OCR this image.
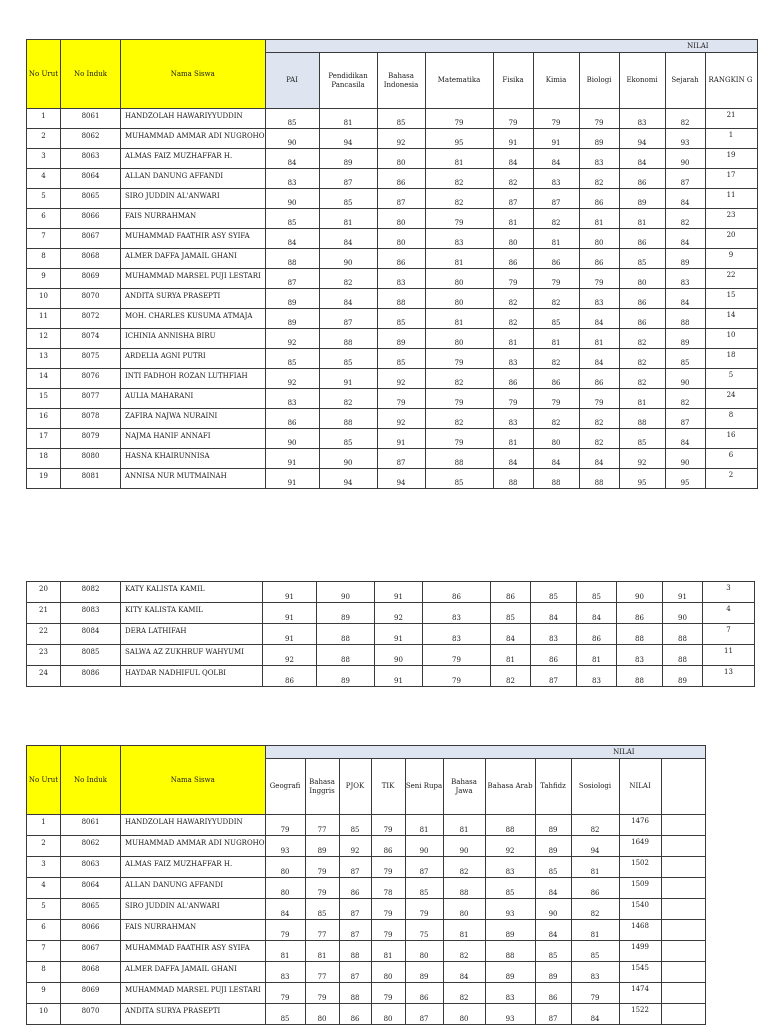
No Urut	No Induk	Nama Siswa	NILAI									
			PAI	Pendidikan Pancasila	Bahasa Indonesia	Matematika	Fisika	Kimia	Biologi	Ekonomi	Sejarah	RANGKIN G
1	8061	HANDZOLAH HAWARIYYUDDIN	85	81	85	79	79	79	79	83	82	21
2	8062	MUHAMMAD AMMAR ADI NUGROHO	90	94	92	95	91	91	89	94	93	1
3	8063	ALMAS FAIZ MUZHAFFAR H.	84	89	80	81	84	84	83	84	90	19
4	8064	ALLAN DANUNG AFFANDI	83	87	86	82	82	83	82	86	87	17
5	8065	SIRO JUDDIN AL'ANWARI	90	85	87	82	87	87	86	89	84	11
6	8066	FAIS NURRAHMAN	85	81	80	79	81	82	81	81	82	23
7	8067	MUHAMMAD FAATHIR ASY SYIFA	84	84	80	83	80	81	80	86	84	20
8	8068	ALMER DAFFA JAMAIL GHANI	88	90	86	81	86	86	86	85	89	9
9	8069	MUHAMMAD MARSEL PUJI LESTARI	87	82	83	80	79	79	79	80	83	22
10	8070	ANDITA SURYA PRASEPTI	89	84	88	80	82	82	83	86	84	15
11	8072	MOH. CHARLES KUSUMA ATMAJA	89	87	85	81	82	85	84	86	88	14
12	8074	ICHINIA ANNISHA BIRU	92	88	89	80	81	81	81	82	89	10
13	8075	ARDELIA AGNI PUTRI	85	85	85	79	83	82	84	82	85	18
14	8076	INTI FADHOH ROZAN LUTHFIAH	92	91	92	82	86	86	86	82	90	5
15	8077	AULIA MAHARANI	83	82	79	79	79	79	79	81	82	24
16	8078	ZAFIRA NAJWA NURAINI	86	88	92	82	83	82	82	88	87	8
17	8079	NAJMA HANIF ANNAFI	90	85	91	79	81	80	82	85	84	16
18	8080	HASNA KHAIRUNNISA	91	90	87	88	84	84	84	92	90	6
19	8081	ANNISA NUR MUTMAINAH	91	94	94	85	88	88	88	95	95	2
20	8082	KATY KALISTA KAMIL	91	90	91	86	86	85	85	90	91	3
21	8083	KITY KALISTA KAMIL	91	89	92	83	85	84	84	86	90	4
22	8084	DERA LATHIFAH	91	88	91	83	84	83	86	88	88	7
23	8085	SALWA AZ ZUKHRUF WAHYUMI	92	88	90	79	81	86	81	83	88	11
24	8086	HAYDAR NADHIFUL QOLBI	86	89	91	79	82	87	83	88	89	13
No Urut	No Induk	Nama Siswa	NILAI										
			Geografi	Bahasa Inggris	PJOK	TIK	Seni Rupa	Bahasa Jawa	Bahasa Arab	Tahfidz	Sosiologi	NILAI	
1	8061	HANDZOLAH HAWARIYYUDDIN	79	77	85	79	81	81	88	89	82	1476	
2	8062	MUHAMMAD AMMAR ADI NUGROHO	93	89	92	86	90	90	92	89	94	1649	
3	8063	ALMAS FAIZ MUZHAFFAR H.	80	79	87	79	87	82	83	85	81	1502	
4	8064	ALLAN DANUNG AFFANDI	80	79	86	78	85	88	85	84	86	1509	
5	8065	SIRO JUDDIN AL'ANWARI	84	85	87	79	79	80	93	90	82	1540	
6	8066	FAIS NURRAHMAN	79	77	87	79	75	81	89	84	81	1468	
7	8067	MUHAMMAD FAATHIR ASY SYIFA	81	81	88	81	80	82	88	85	85	1499	
8	8068	ALMER DAFFA JAMAIL GHANI	83	77	87	80	89	84	89	89	83	1545	
9	8069	MUHAMMAD MARSEL PUJI LESTARI	79	79	88	79	86	82	83	86	79	1474	
10	8070	ANDITA SURYA PRASEPTI	85	80	86	80	87	80	93	87	84	1522	
